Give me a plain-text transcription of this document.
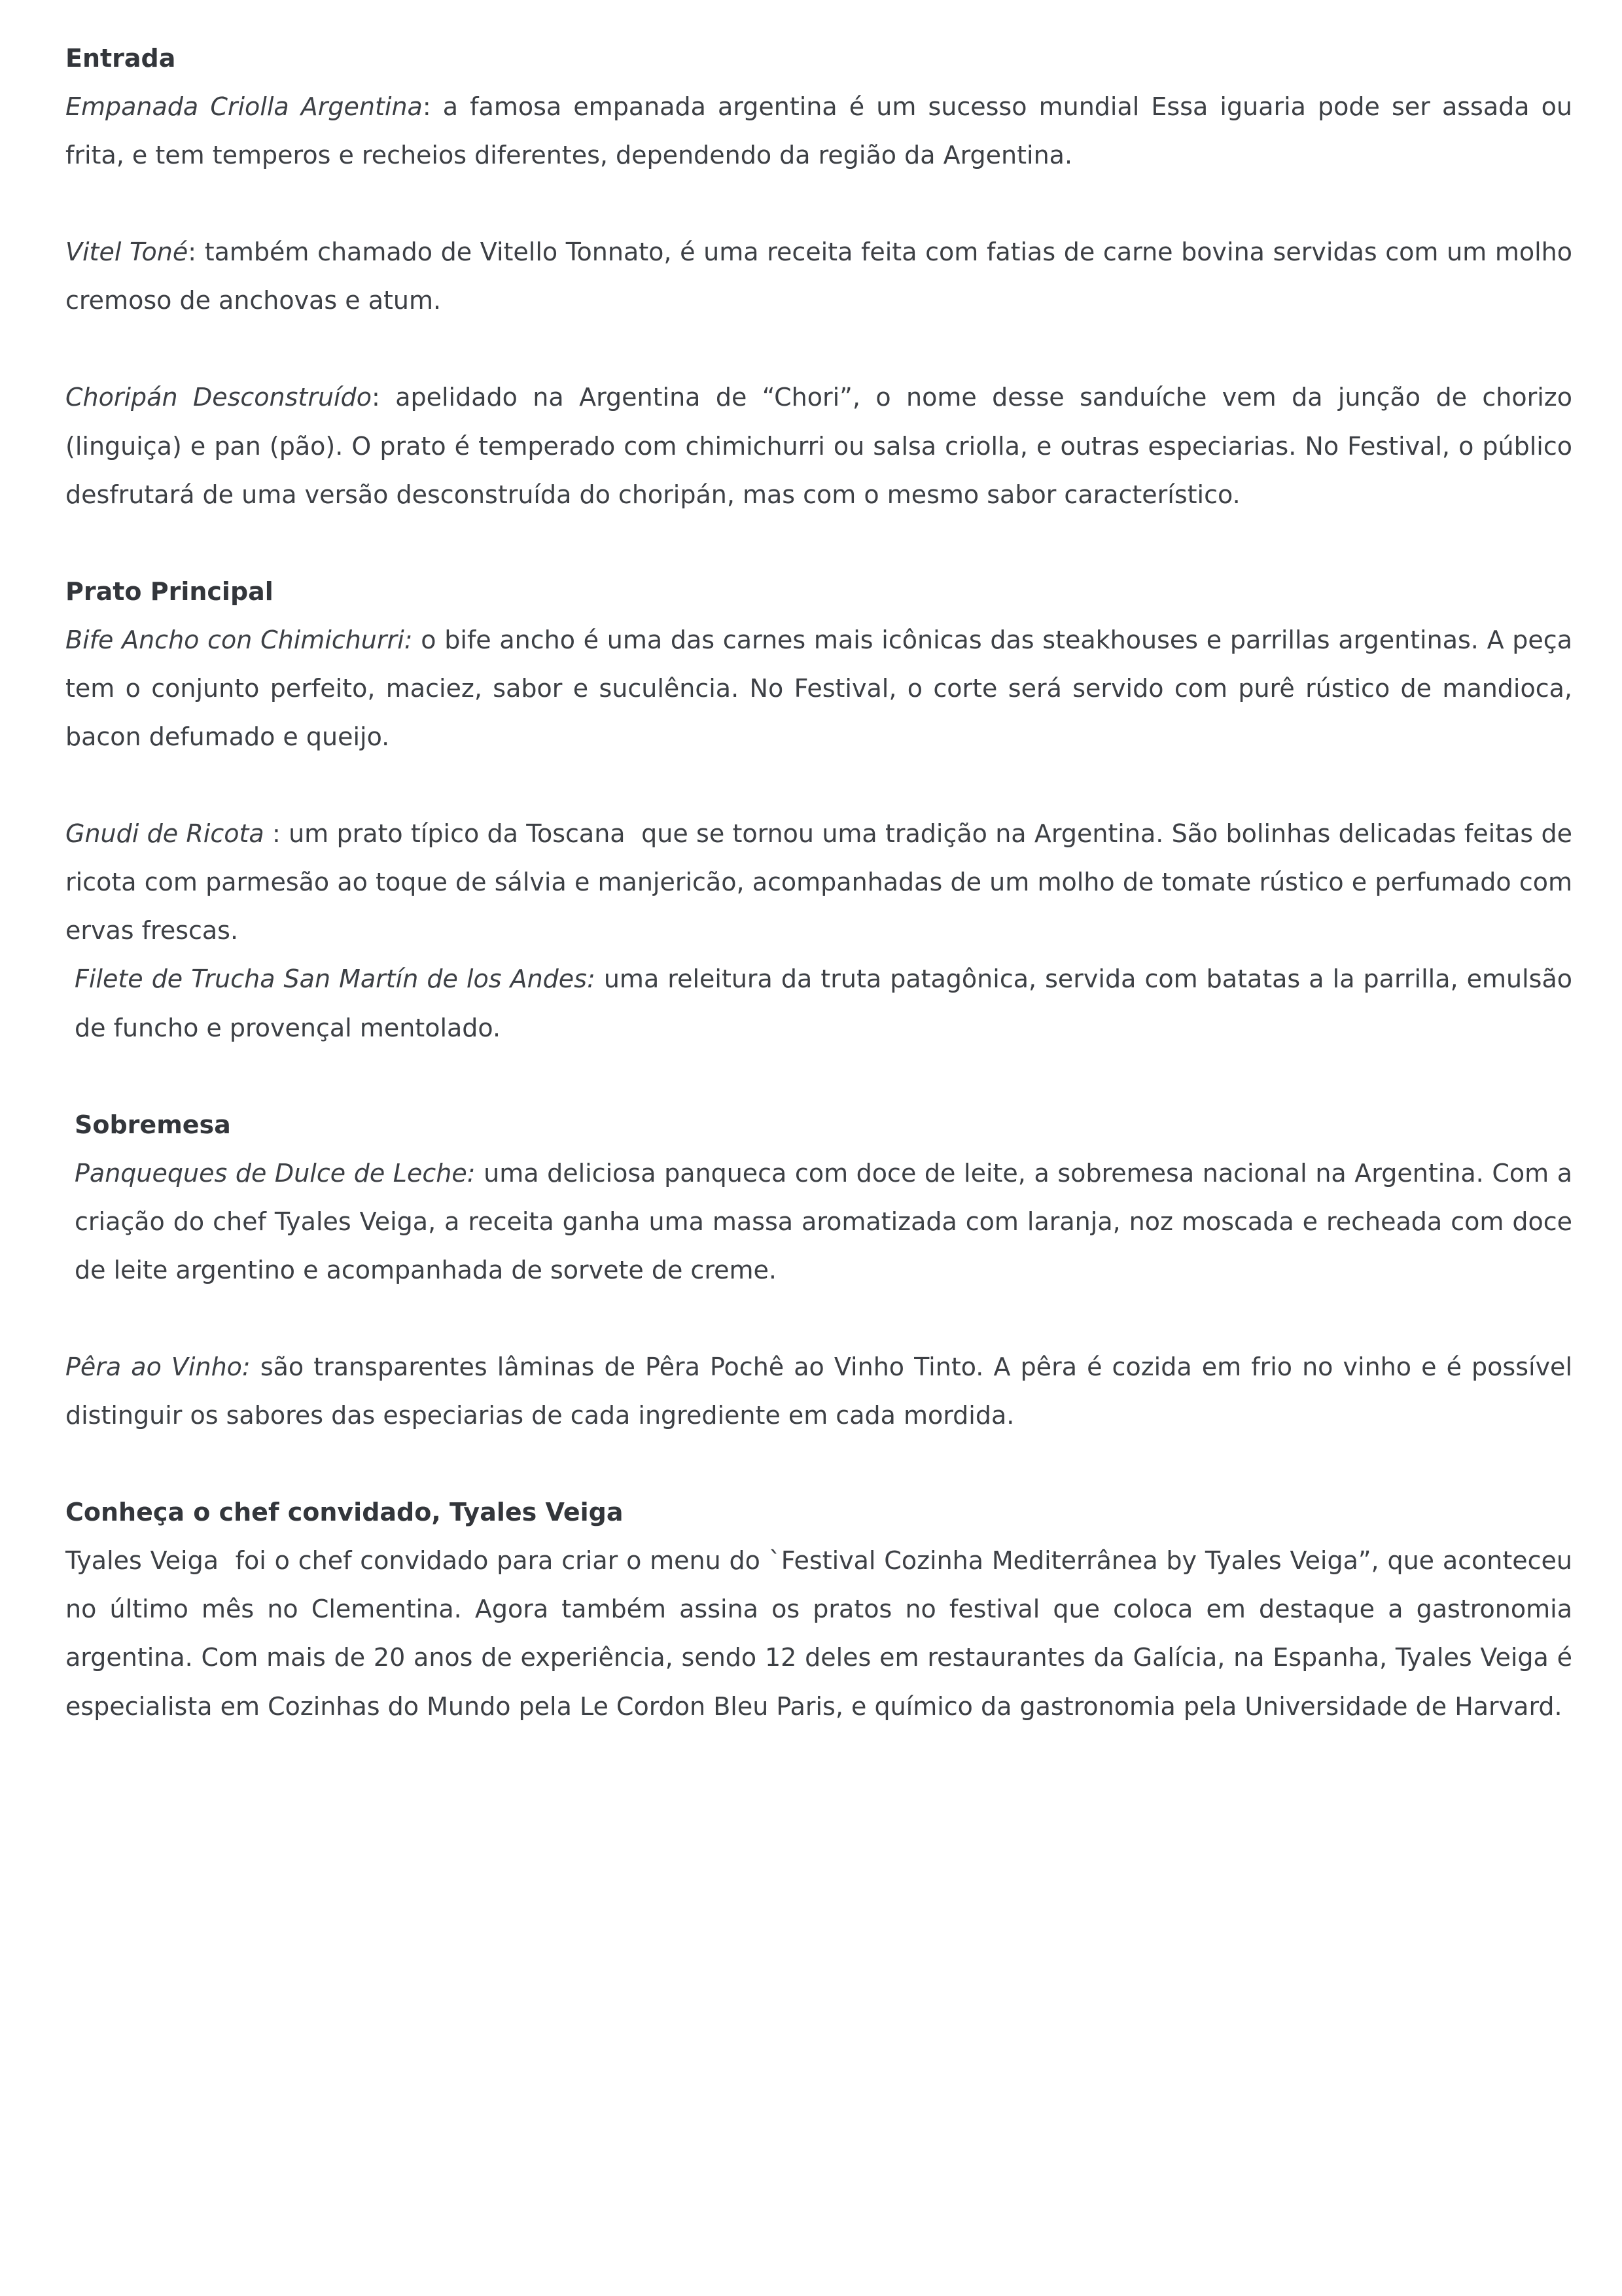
Entrada

Empanada Criolla Argentina: a famosa empanada argentina é um sucesso mundial Essa iguaria pode ser assada ou frita, e tem temperos e recheios diferentes, dependendo da região da Argentina.

Vitel Toné: também chamado de Vitello Tonnato, é uma receita feita com fatias de carne bovina servidas com um molho cremoso de anchovas e atum.

Choripán Desconstruído: apelidado na Argentina de “Chori”, o nome desse sanduíche vem da junção de chorizo (linguiça) e pan (pão). O prato é temperado com chimichurri ou salsa criolla, e outras especiarias. No Festival, o público desfrutará de uma versão desconstruída do choripán, mas com o mesmo sabor característico.

Prato Principal

Bife Ancho con Chimichurri: o bife ancho é uma das carnes mais icônicas das steakhouses e parrillas argentinas. A peça tem o conjunto perfeito, maciez, sabor e suculência. No Festival, o corte será servido com purê rústico de mandioca, bacon defumado e queijo.

Gnudi de Ricota : um prato típico da Toscana  que se tornou uma tradição na Argentina. São bolinhas delicadas feitas de ricota com parmesão ao toque de sálvia e manjericão, acompanhadas de um molho de tomate rústico e perfumado com ervas frescas.

Filete de Trucha San Martín de los Andes: uma releitura da truta patagônica, servida com batatas a la parrilla, emulsão de funcho e provençal mentolado.

Sobremesa

Panqueques de Dulce de Leche: uma deliciosa panqueca com doce de leite, a sobremesa nacional na Argentina. Com a criação do chef Tyales Veiga, a receita ganha uma massa aromatizada com laranja, noz moscada e recheada com doce de leite argentino e acompanhada de sorvete de creme.

Pêra ao Vinho: são transparentes lâminas de Pêra Pochê ao Vinho Tinto. A pêra é cozida em frio no vinho e é possível distinguir os sabores das especiarias de cada ingrediente em cada mordida.

Conheça o chef convidado, Tyales Veiga

Tyales Veiga  foi o chef convidado para criar o menu do `Festival Cozinha Mediterrânea by Tyales Veiga”, que aconteceu no último mês no Clementina. Agora também assina os pratos no festival que coloca em destaque a gastronomia argentina. Com mais de 20 anos de experiência, sendo 12 deles em restaurantes da Galícia, na Espanha, Tyales Veiga é especialista em Cozinhas do Mundo pela Le Cordon Bleu Paris, e químico da gastronomia pela Universidade de Harvard.
